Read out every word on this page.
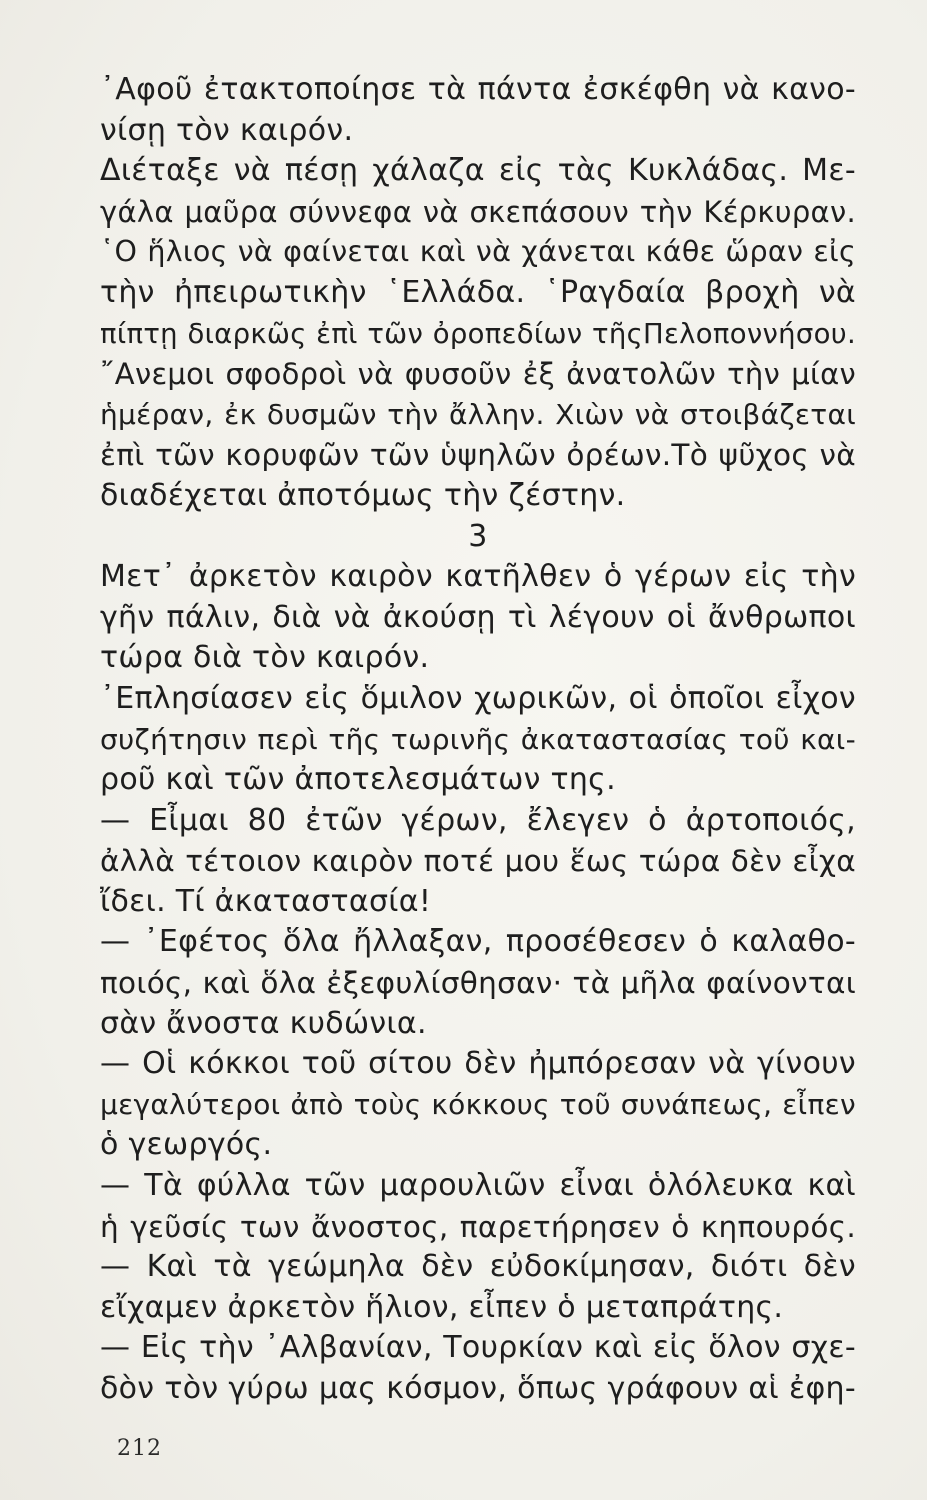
᾿Αφοῦ ἐτακτοποίησε τὰ πάντα ἐσκέφθη νὰ κανο-
νίσῃ τὸν καιρόν.
Διέταξε νὰ πέσῃ χάλαζα εἰς τὰς Κυκλάδας. Με-
γάλα μαῦρα σύννεφα νὰ σκεπάσουν τὴν Κέρκυραν.
῾Ο ἥλιος νὰ φαίνεται καὶ νὰ χάνεται κάθε ὥραν εἰς
τὴν ἠπειρωτικὴν ῾Ελλάδα. ῾Ραγδαία βροχὴ νὰ
πίπτῃ διαρκῶς ἐπὶ τῶν ὀροπεδίων τῆςΠελοποννήσου.
῎Ανεμοι σφοδροὶ νὰ φυσοῦν ἐξ ἀνατολῶν τὴν μίαν
ἡμέραν, ἐκ δυσμῶν τὴν ἄλλην. Χιὼν νὰ στοιβάζεται
ἐπὶ τῶν κορυφῶν τῶν ὑψηλῶν ὀρέων.Τὸ ψῦχος νὰ
διαδέχεται ἀποτόμως τὴν ζέστην.
3
Μετ᾿ ἀρκετὸν καιρὸν κατῆλθεν ὁ γέρων εἰς τὴν
γῆν πάλιν, διὰ νὰ ἀκούσῃ τὶ λέγουν οἱ ἄνθρωποι
τώρα διὰ τὸν καιρόν.
᾿Επλησίασεν εἰς ὅμιλον χωρικῶν, οἱ ὁποῖοι εἶχον
συζήτησιν περὶ τῆς τωρινῆς ἀκαταστασίας τοῦ και-
ροῦ καὶ τῶν ἀποτελεσμάτων της.
— Εἶμαι 80 ἐτῶν γέρων, ἔλεγεν ὁ ἀρτοποιός,
ἀλλὰ τέτοιον καιρὸν ποτέ μου ἕως τώρα δὲν εἶχα
ἴδει. Τί ἀκαταστασία!
— ᾿Εφέτος ὅλα ἤλλαξαν, προσέθεσεν ὁ καλαθο-
ποιός, καὶ ὅλα ἐξεφυλίσθησαν· τὰ μῆλα φαίνονται
σὰν ἄνοστα κυδώνια.
— Οἱ κόκκοι τοῦ σίτου δὲν ἠμπόρεσαν νὰ γίνουν
μεγαλύτεροι ἀπὸ τοὺς κόκκους τοῦ συνάπεως, εἶπεν
ὁ γεωργός.
— Τὰ φύλλα τῶν μαρουλιῶν εἶναι ὁλόλευκα καὶ
ἡ γεῦσίς των ἄνοστος, παρετήρησεν ὁ κηπουρός.
— Καὶ τὰ γεώμηλα δὲν εὐδοκίμησαν, διότι δὲν
εἴχαμεν ἀρκετὸν ἥλιον, εἶπεν ὁ μεταπράτης.
— Εἰς τὴν ᾿Αλβανίαν, Τουρκίαν καὶ εἰς ὅλον σχε-
δὸν τὸν γύρω μας κόσμον, ὅπως γράφουν αἱ ἐφη-
212
